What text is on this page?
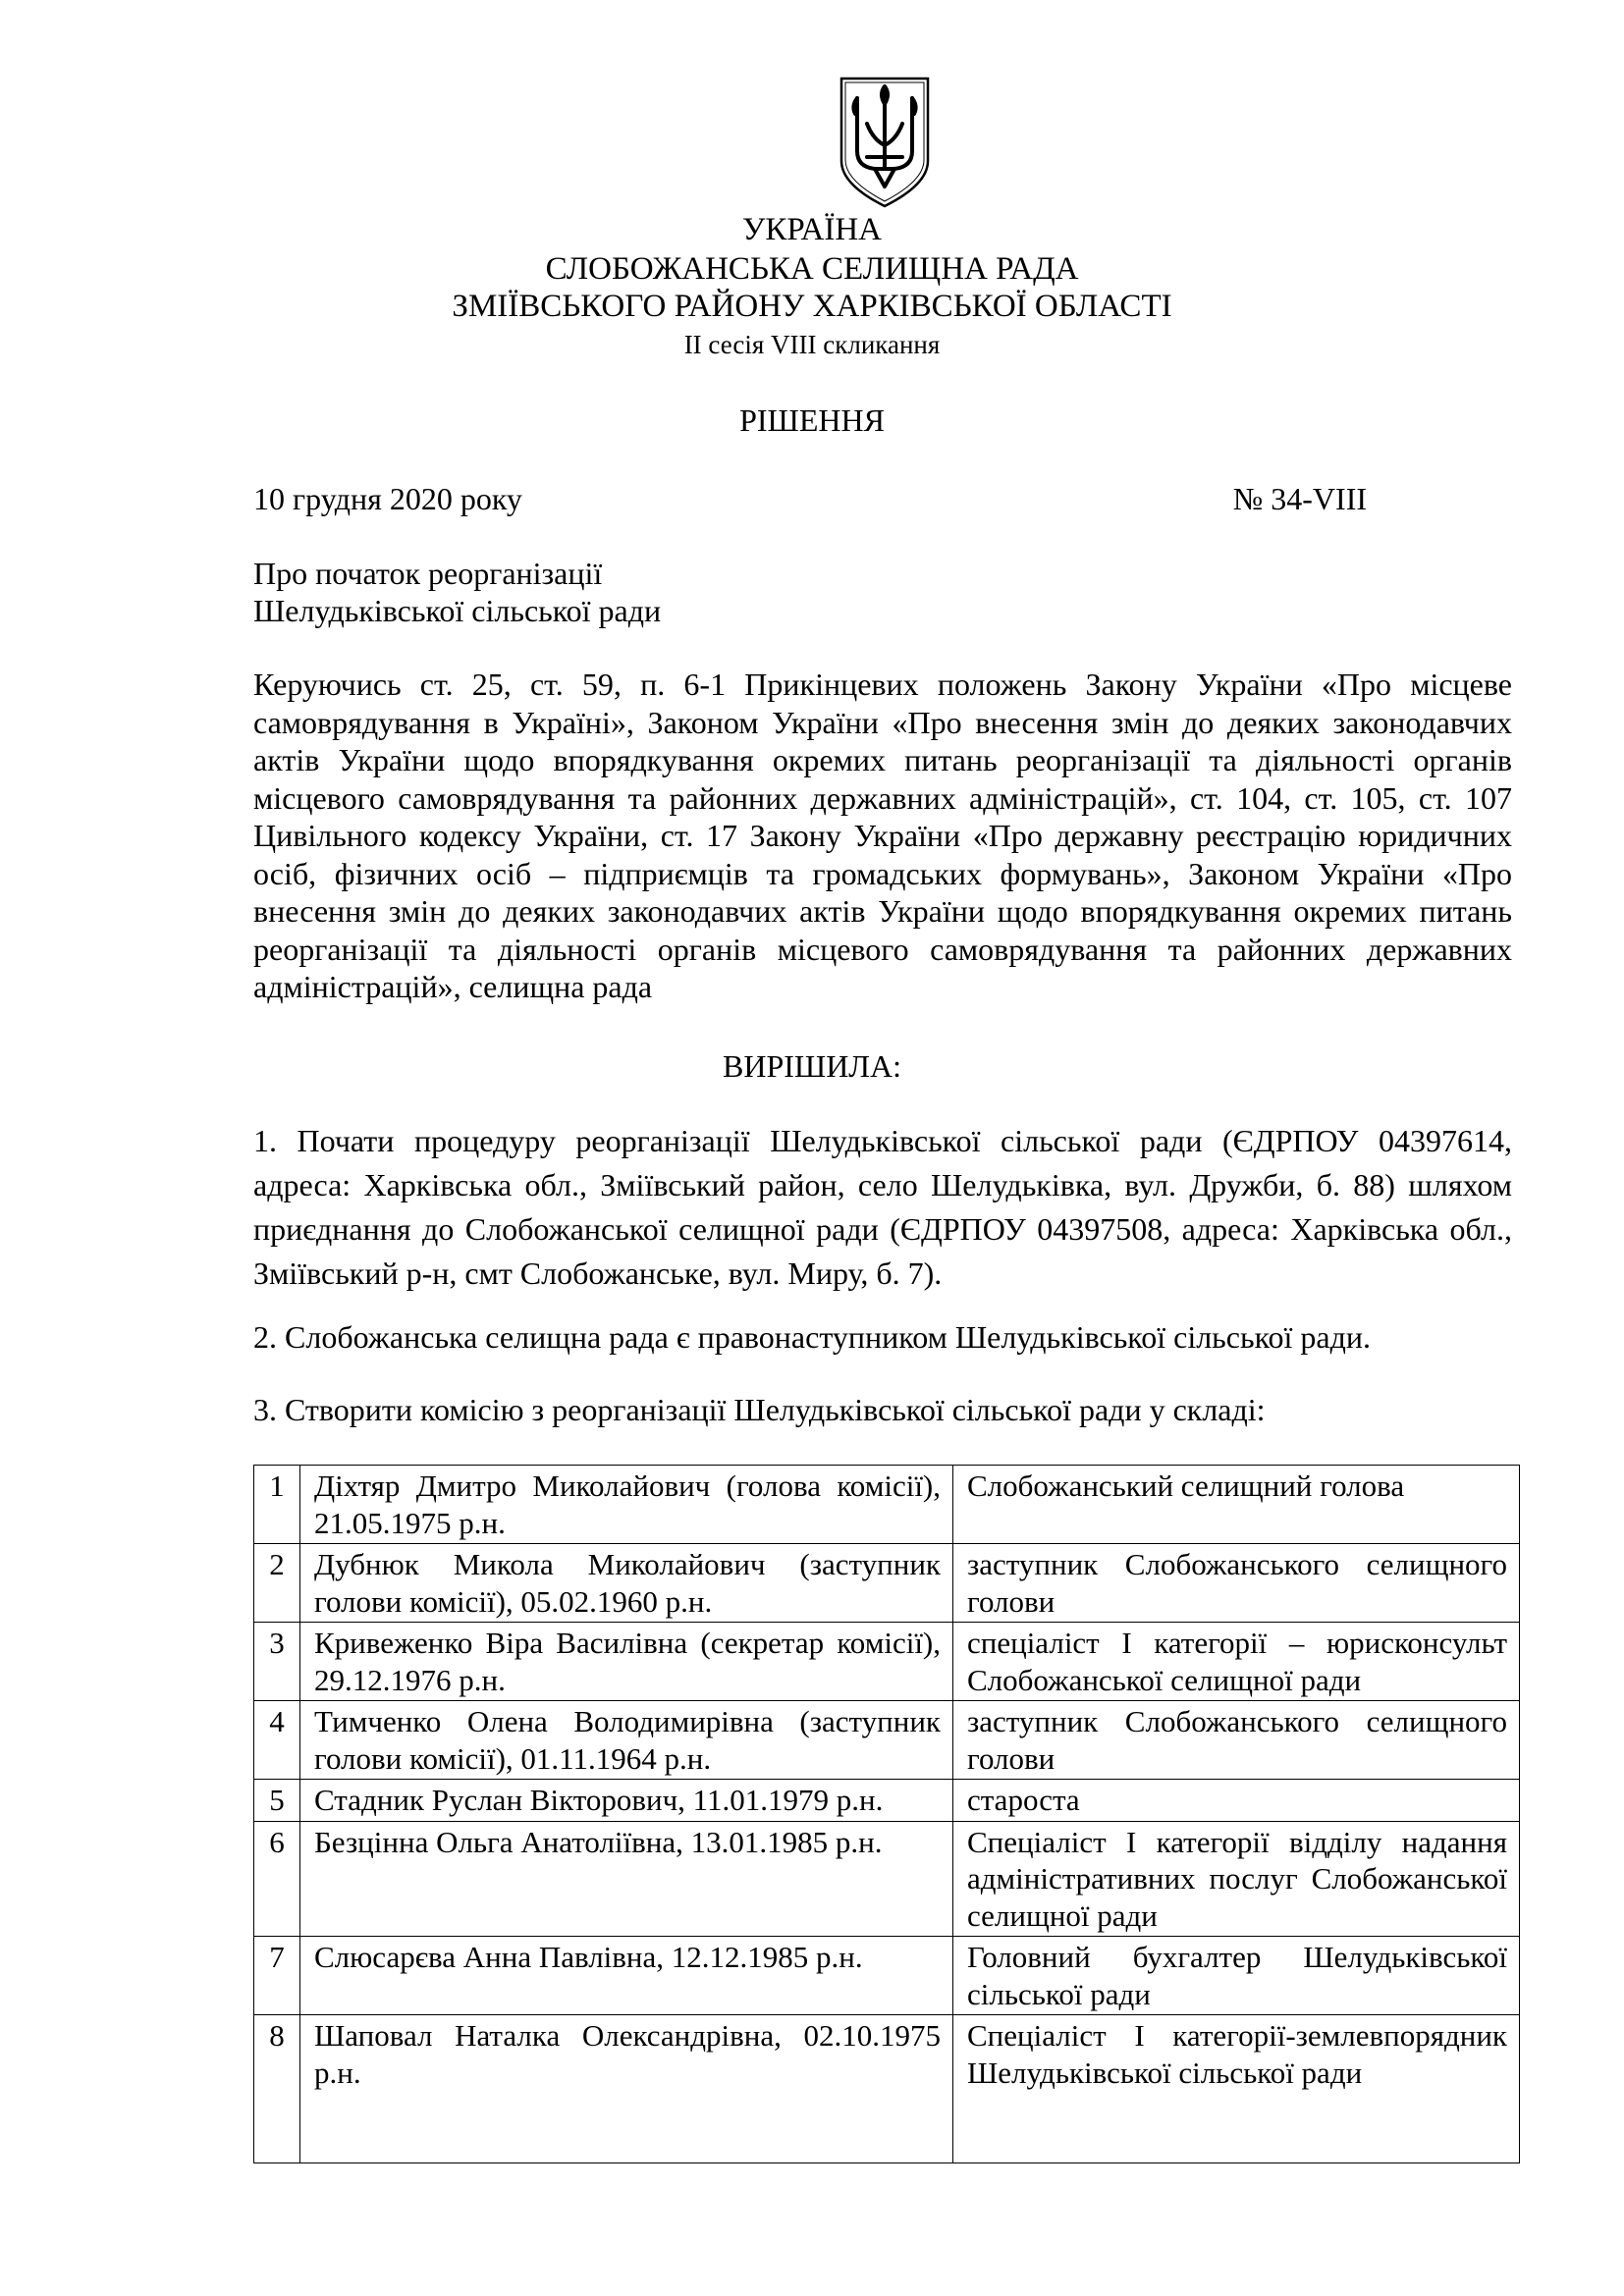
УКРАЇНА
СЛОБОЖАНСЬКА СЕЛИЩНА РАДА
ЗМІЇВСЬКОГО РАЙОНУ ХАРКІВСЬКОЇ ОБЛАСТІ
ІІ сесія VIIІ скликання
РІШЕННЯ
10 грудня 2020 року	№ 34-VIII
Про початок реорганізації
Шелудьківської сільської ради
Керуючись ст. 25, ст. 59, п. 6-1 Прикінцевих положень Закону України «Про місцеве самоврядування в Україні», Законом України «Про внесення змін до деяких законодавчих актів України щодо впорядкування окремих питань реорганізації та діяльності органів місцевого самоврядування та районних державних адміністрацій», ст. 104, ст. 105, ст. 107 Цивільного кодексу України, ст. 17 Закону України «Про державну реєстрацію юридичних осіб, фізичних осіб – підприємців та громадських формувань», Законом України «Про внесення змін до деяких законодавчих актів України щодо впорядкування окремих питань реорганізації та діяльності органів місцевого самоврядування та районних державних адміністрацій», селищна рада
ВИРІШИЛА:
1. Почати процедуру реорганізації Шелудьківської сільської ради (ЄДРПОУ 04397614, адреса: Харківська обл., Зміївський район, село Шелудьківка, вул. Дружби, б. 88) шляхом приєднання до Слобожанської селищної ради (ЄДРПОУ 04397508, адреса: Харківська обл., Зміївський р-н, смт Слобожанське, вул. Миру, б. 7).
2. Слобожанська селищна рада є правонаступником Шелудьківської сільської ради.
3. Створити комісію з реорганізації Шелудьківської сільської ради у складі:
1	Діхтяр Дмитро Миколайович (голова комісії), 21.05.1975 р.н.	Слобожанський селищний голова
2	Дубнюк Микола Миколайович (заступник голови комісії), 05.02.1960 р.н.	заступник Слобожанського селищного голови
3	Кривеженко Віра Василівна (секретар комісії), 29.12.1976 р.н.	спеціаліст І категорії – юрисконсульт Слобожанської селищної ради
4	Тимченко Олена Володимирівна (заступник голови комісії), 01.11.1964 р.н.	заступник Слобожанського селищного голови
5	Стадник Руслан Вікторович, 11.01.1979 р.н.	староста
6	Безцінна Ольга Анатоліївна, 13.01.1985 р.н.	Спеціаліст І категорії відділу надання адміністративних послуг Слобожанської селищної ради
7	Слюсарєва Анна Павлівна, 12.12.1985 р.н.	Головний бухгалтер Шелудьківської сільської ради
8	Шаповал Наталка Олександрівна, 02.10.1975 р.н.	Спеціаліст І категорії-землевпорядник Шелудьківської сільської ради
